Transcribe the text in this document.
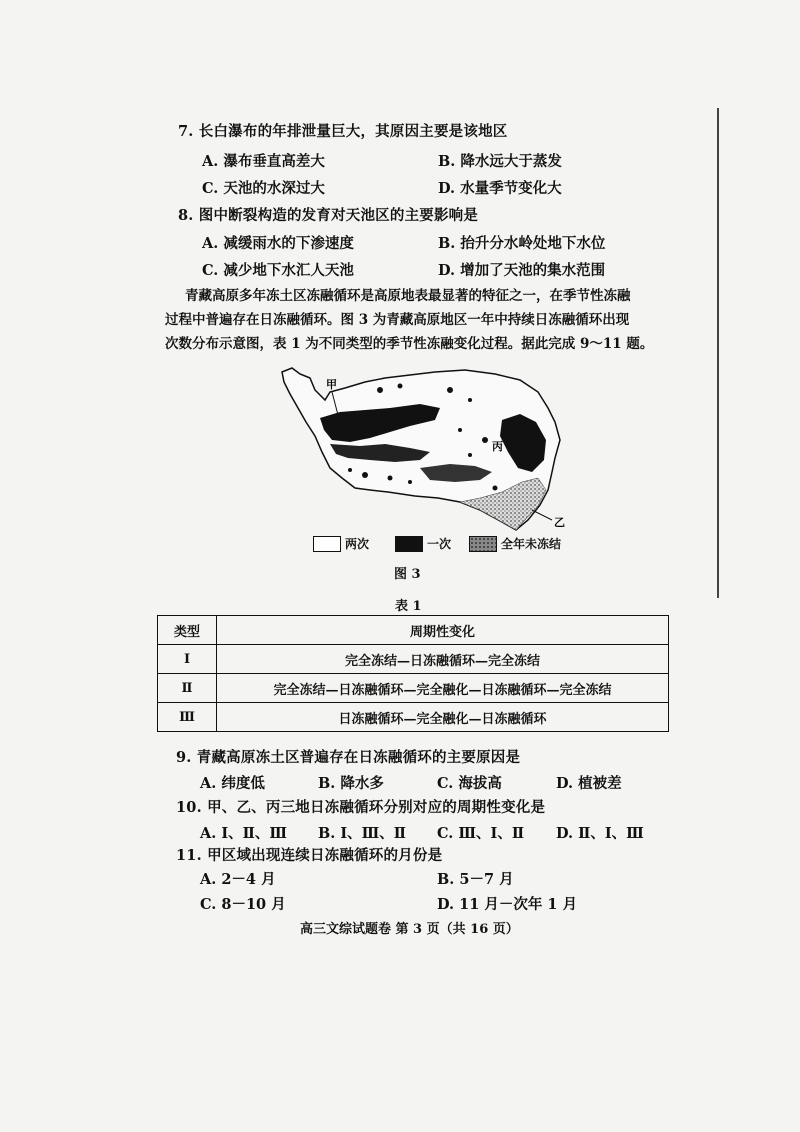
7. 长白瀑布的年排泄量巨大，其原因主要是该地区
A. 瀑布垂直高差大	B. 降水远大于蒸发
C. 天池的水深过大	D. 水量季节变化大
8. 图中断裂构造的发育对天池区的主要影响是
A. 减缓雨水的下渗速度	B. 抬升分水岭处地下水位
C. 减少地下水汇人天池	D. 增加了天池的集水范围
青藏高原多年冻土区冻融循环是高原地表最显著的特征之一，在季节性冻融
过程中普遍存在日冻融循环。图 3 为青藏高原地区一年中持续日冻融循环出现
次数分布示意图，表 1 为不同类型的季节性冻融变化过程。据此完成 9～11 题。
甲
丙
乙
两次	一次	全年未冻结
图 3
表 1
类型	周期性变化
Ⅰ	完全冻结—日冻融循环—完全冻结
Ⅱ	完全冻结—日冻融循环—完全融化—日冻融循环—完全冻结
Ⅲ	日冻融循环—完全融化—日冻融循环
9. 青藏高原冻土区普遍存在日冻融循环的主要原因是
A. 纬度低	B. 降水多	C. 海拔高	D. 植被差
10. 甲、乙、丙三地日冻融循环分别对应的周期性变化是
A. Ⅰ、Ⅱ、Ⅲ B. Ⅰ、Ⅲ、Ⅱ C. Ⅲ、Ⅰ、Ⅱ D. Ⅱ、Ⅰ、Ⅲ
11. 甲区域出现连续日冻融循环的月份是
A. 2－4 月	B. 5－7 月
C. 8－10 月	D. 11 月－次年 1 月
高三文综试题卷 第 3 页（共 16 页）
